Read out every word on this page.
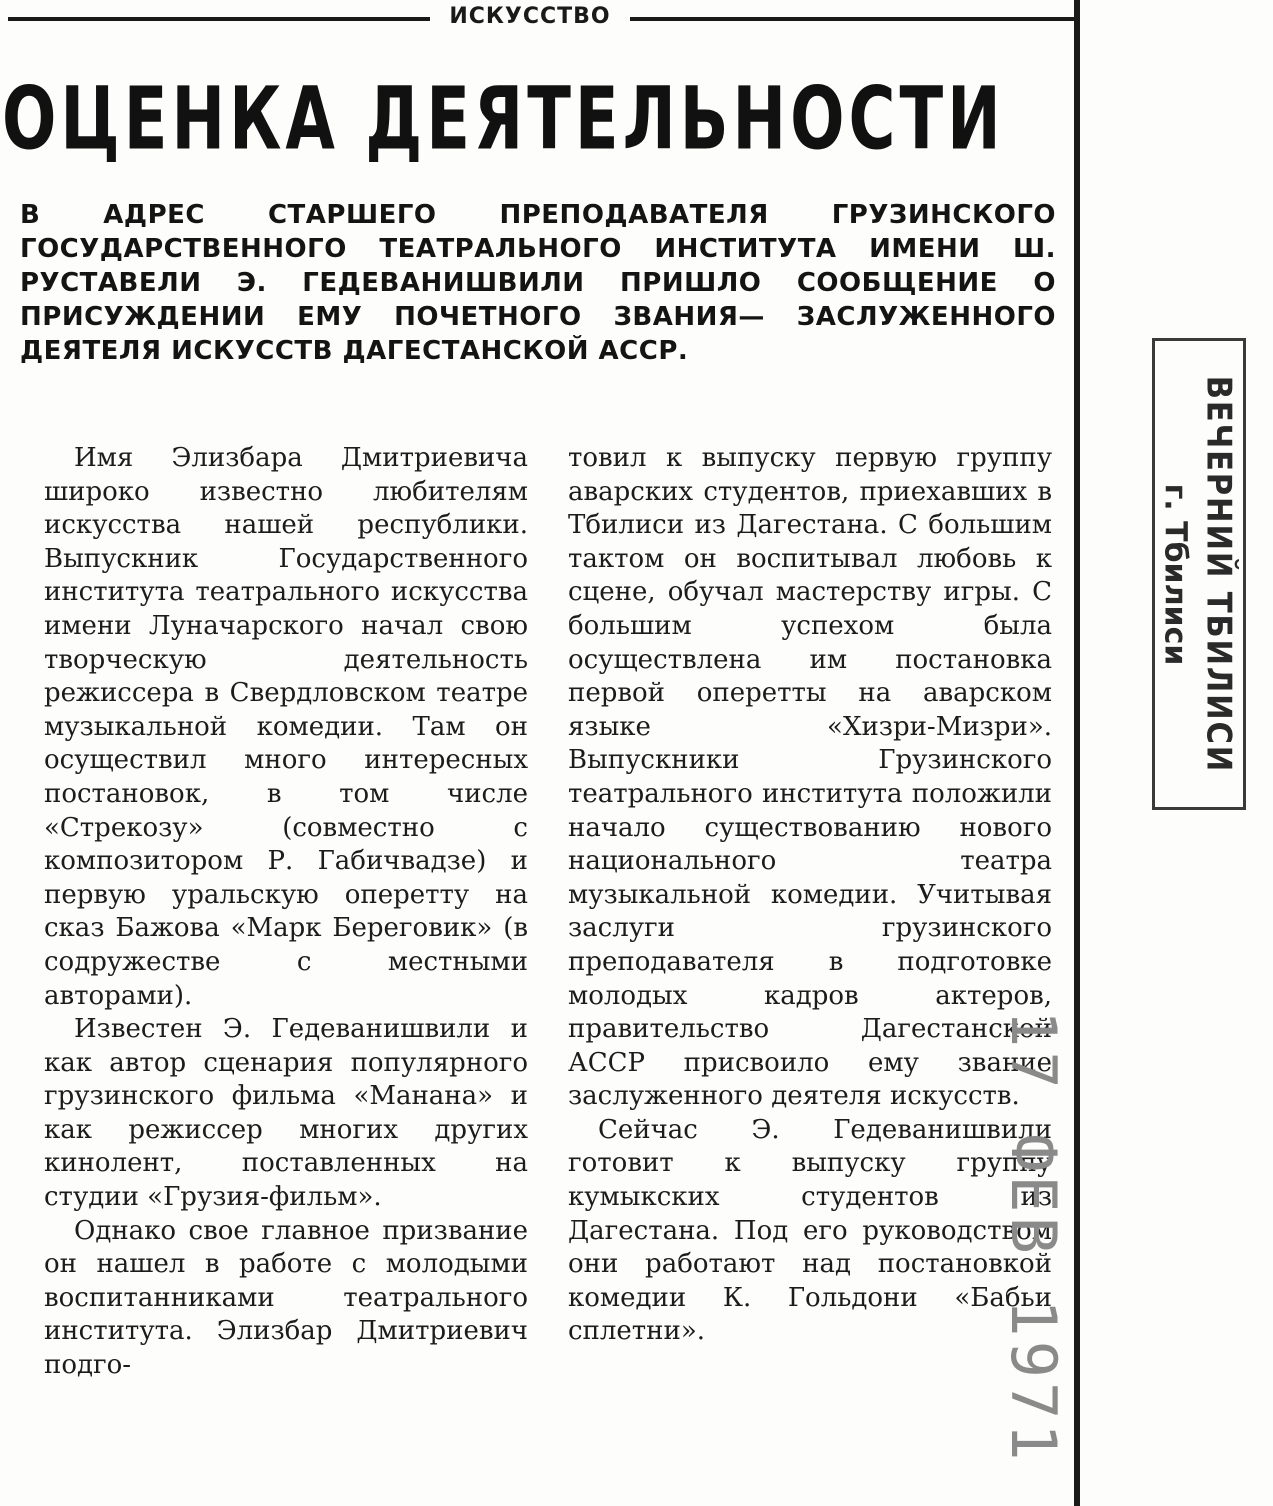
ИСКУССТВО
ОЦЕНКА ДЕЯТЕЛЬНОСТИ
В АДРЕС СТАРШЕГО ПРЕПОДАВАТЕЛЯ ГРУЗИНСКОГО ГОСУДАРСТВЕННОГО ТЕАТРАЛЬНОГО ИНСТИТУТА ИМЕНИ Ш. РУСТАВЕЛИ Э. ГЕДЕВАНИШВИЛИ ПРИШЛО СООБЩЕНИЕ О ПРИСУЖДЕНИИ ЕМУ ПОЧЕТНОГО ЗВАНИЯ— ЗАСЛУЖЕННОГО ДЕЯТЕЛЯ ИСКУССТВ ДАГЕСТАНСКОЙ АССР.

Имя Элизбара Дмитриевича широко известно любителям искусства нашей республики. Выпускник Государственного института театрального искусства имени Луначарского начал свою творческую деятельность режиссера в Свердловском театре музыкальной комедии. Там он осуществил много интересных постановок, в том числе «Стрекозу» (совместно с композитором Р. Габичвадзе) и первую уральскую оперетту на сказ Бажова «Марк Береговик» (в содружестве с местными авторами).

Известен Э. Гедеванишвили и как автор сценария популярного грузинского фильма «Манана» и как режиссер многих других кинолент, поставленных на студии «Грузия-фильм».

Однако свое главное призвание он нашел в работе с молодыми воспитанниками театрального института. Элизбар Дмитриевич подго-

товил к выпуску первую группу аварских студентов, приехавших в Тбилиси из Дагестана. С большим тактом он воспитывал любовь к сцене, обучал мастерству игры. С большим успехом была осуществлена им постановка первой оперетты на аварском языке «Хизри-Мизри». Выпускники Грузинского театрального института положили начало существованию нового национального театра музыкальной комедии. Учитывая заслуги грузинского преподавателя в подготовке молодых кадров актеров, правительство Дагестанской АССР присвоило ему звание заслуженного деятеля искусств.

Сейчас Э. Гедеванишвили готовит к выпуску группу кумыкских студентов из Дагестана. Под его руководством они работают над постановкой комедии К. Гольдони «Бабьи сплетни».

ВЕЧЕРНИЙ ТБИЛИСИ
г. Тбилиси
17 ФЕВ 1971
